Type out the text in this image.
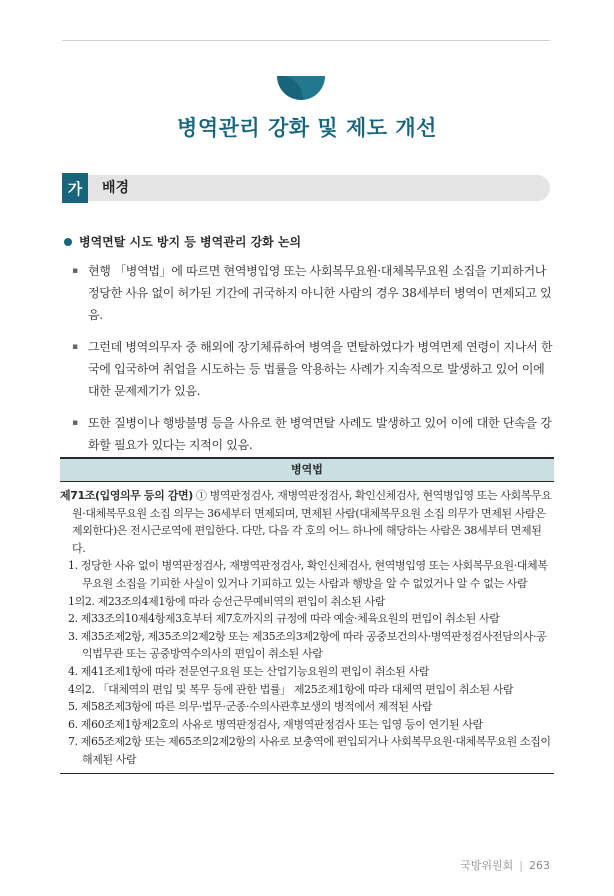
병역관리 강화 및 제도 개선
가	배경
병역면탈 시도 방지 등 병역관리 강화 논의
▪ 현행 「병역법」에 따르면 현역병입영 또는 사회복무요원·대체복무요원 소집을 기피하거나 정당한 사유 없이 허가된 기간에 귀국하지 아니한 사람의 경우 38세부터 병역이 면제되고 있음.
▪ 그런데 병역의무자 중 해외에 장기체류하여 병역을 면탈하였다가 병역면제 연령이 지나서 한국에 입국하여 취업을 시도하는 등 법률을 악용하는 사례가 지속적으로 발생하고 있어 이에 대한 문제제기가 있음.
▪ 또한 질병이나 행방불명 등을 사유로 한 병역면탈 사례도 발생하고 있어 이에 대한 단속을 강화할 필요가 있다는 지적이 있음.
병역법
제71조(입영의무 등의 감면) ① 병역판정검사, 재병역판정검사, 확인신체검사, 현역병입영 또는 사회복무요원·대체복무요원 소집 의무는 36세부터 면제되며, 면제된 사람(대체복무요원 소집 의무가 면제된 사람은 제외한다)은 전시근로역에 편입한다. 다만, 다음 각 호의 어느 하나에 해당하는 사람은 38세부터 면제된다.
1. 정당한 사유 없이 병역판정검사, 재병역판정검사, 확인신체검사, 현역병입영 또는 사회복무요원·대체복무요원 소집을 기피한 사실이 있거나 기피하고 있는 사람과 행방을 알 수 없었거나 알 수 없는 사람
1의2. 제23조의4제1항에 따라 승선근무예비역의 편입이 취소된 사람
2. 제33조의10제4항제3호부터 제7호까지의 규정에 따라 예술·체육요원의 편입이 취소된 사람
3. 제35조제2항, 제35조의2제2항 또는 제35조의3제2항에 따라 공중보건의사·병역판정검사전담의사·공익법무관 또는 공중방역수의사의 편입이 취소된 사람
4. 제41조제1항에 따라 전문연구요원 또는 산업기능요원의 편입이 취소된 사람
4의2. 「대체역의 편입 및 복무 등에 관한 법률」 제25조제1항에 따라 대체역 편입이 취소된 사람
5. 제58조제3항에 따른 의무·법무·군종·수의사관후보생의 병적에서 제적된 사람
6. 제60조제1항제2호의 사유로 병역판정검사, 재병역판정검사 또는 입영 등이 연기된 사람
7. 제65조제2항 또는 제65조의2제2항의 사유로 보충역에 편입되거나 사회복무요원·대체복무요원 소집이 해제된 사람
국방위원회 | 263
